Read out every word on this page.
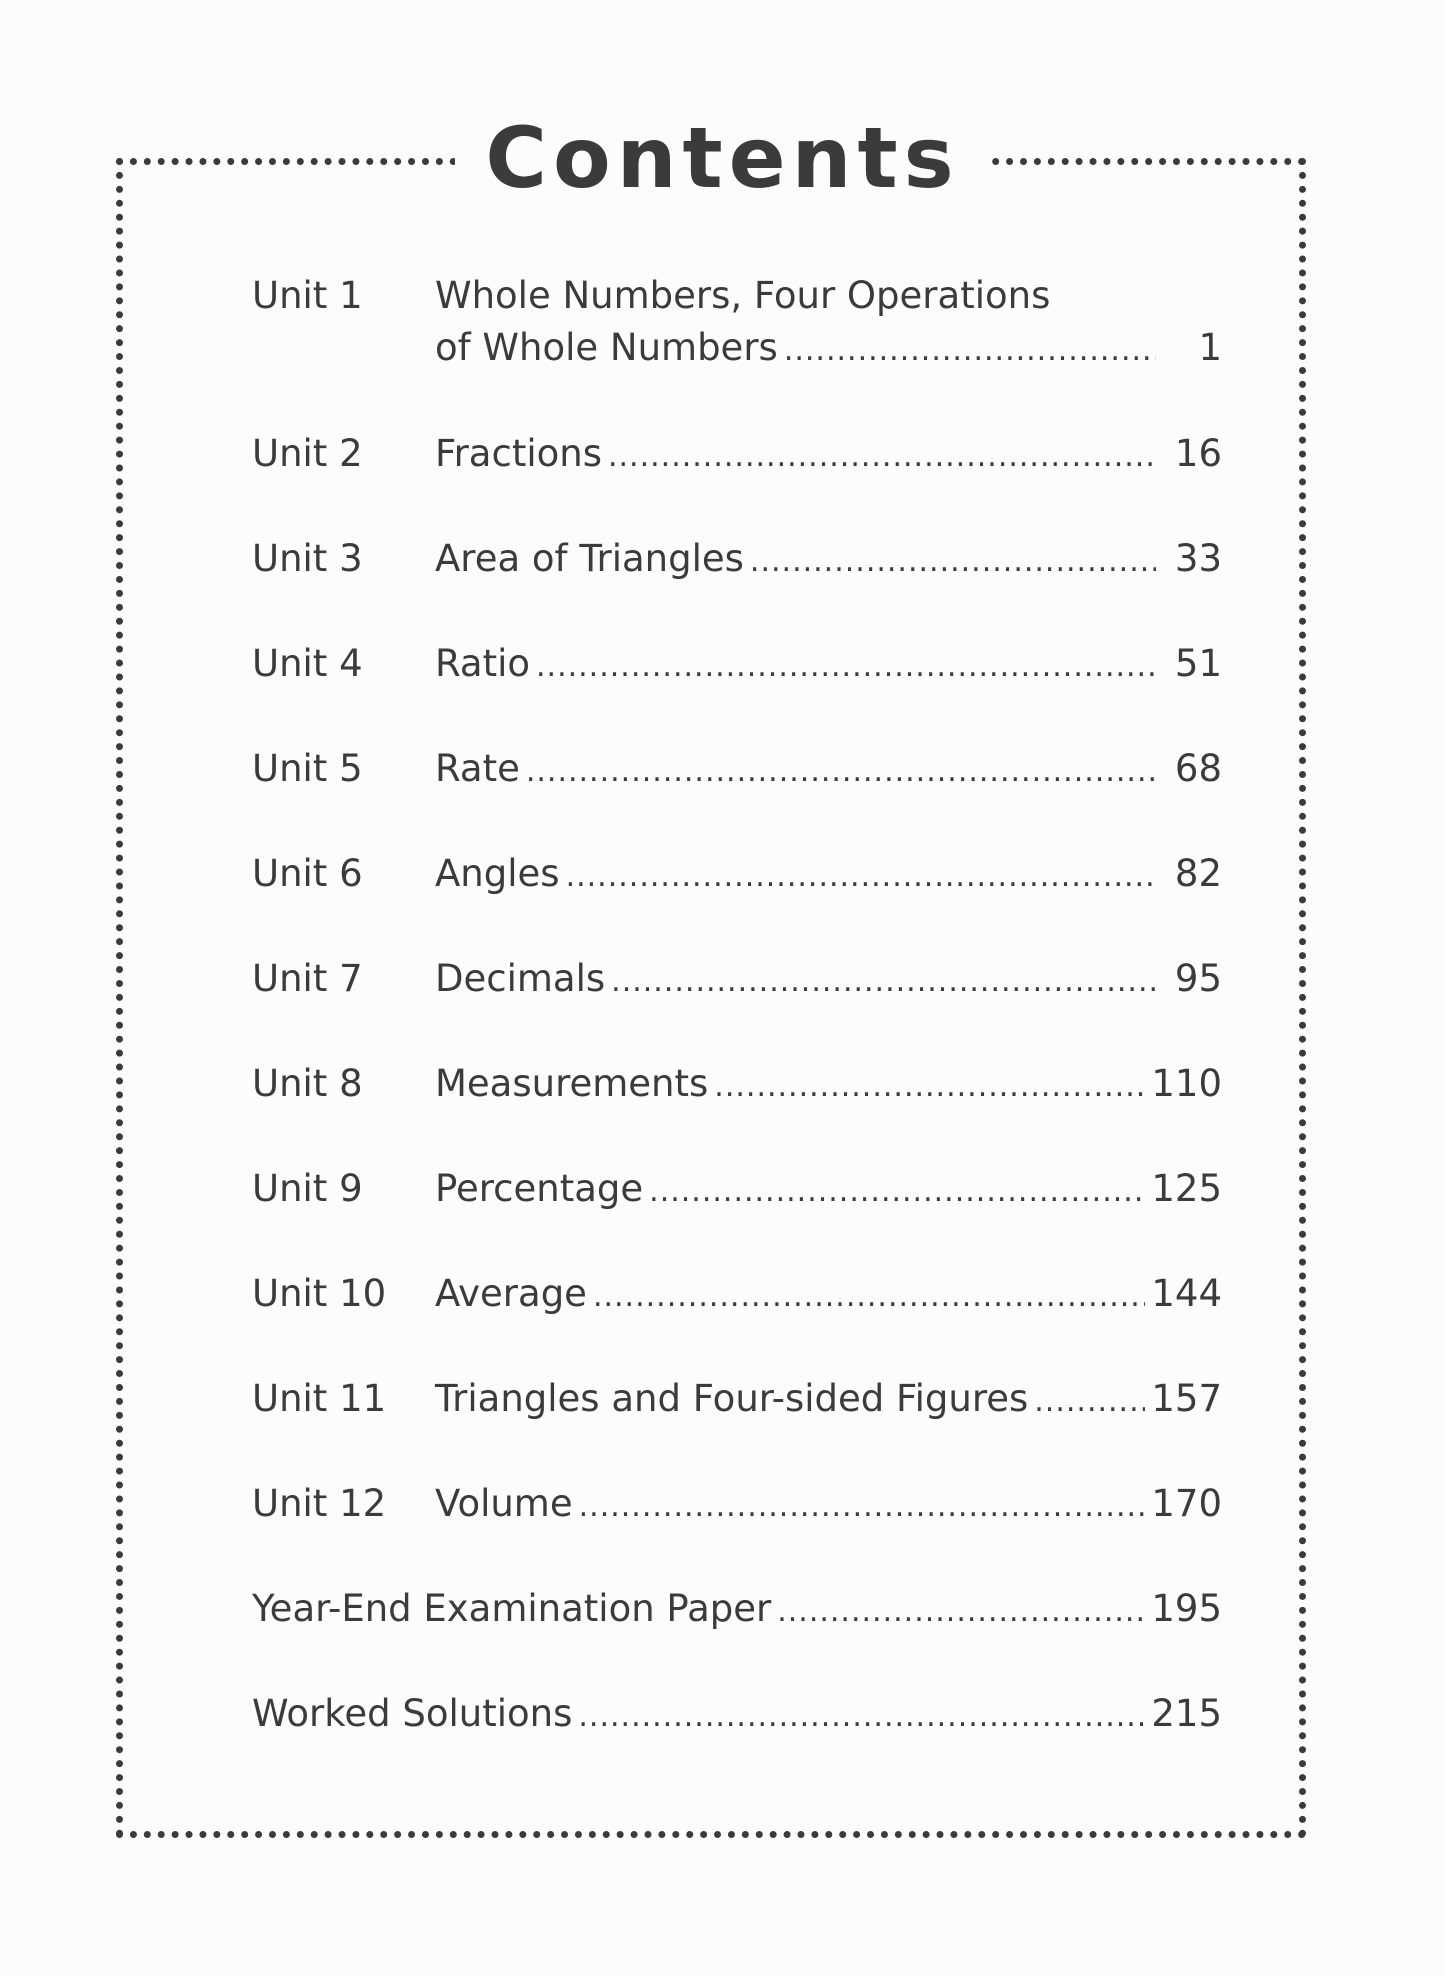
Contents
Unit 1 Whole Numbers, Four Operations
of Whole Numbers .....	1
Unit 2 Fractions .....	16
Unit 3 Area of Triangles .....	33
Unit 4 Ratio .....	51
Unit 5 Rate .....	68
Unit 6 Angles .....	82
Unit 7 Decimals .....	95
Unit 8 Measurements .....	110
Unit 9 Percentage .....	125
Unit 10 Average .....	144
Unit 11 Triangles and Four-sided Figures .....	157
Unit 12 Volume .....	170
Year-End Examination Paper .....	195
Worked Solutions .....	215
